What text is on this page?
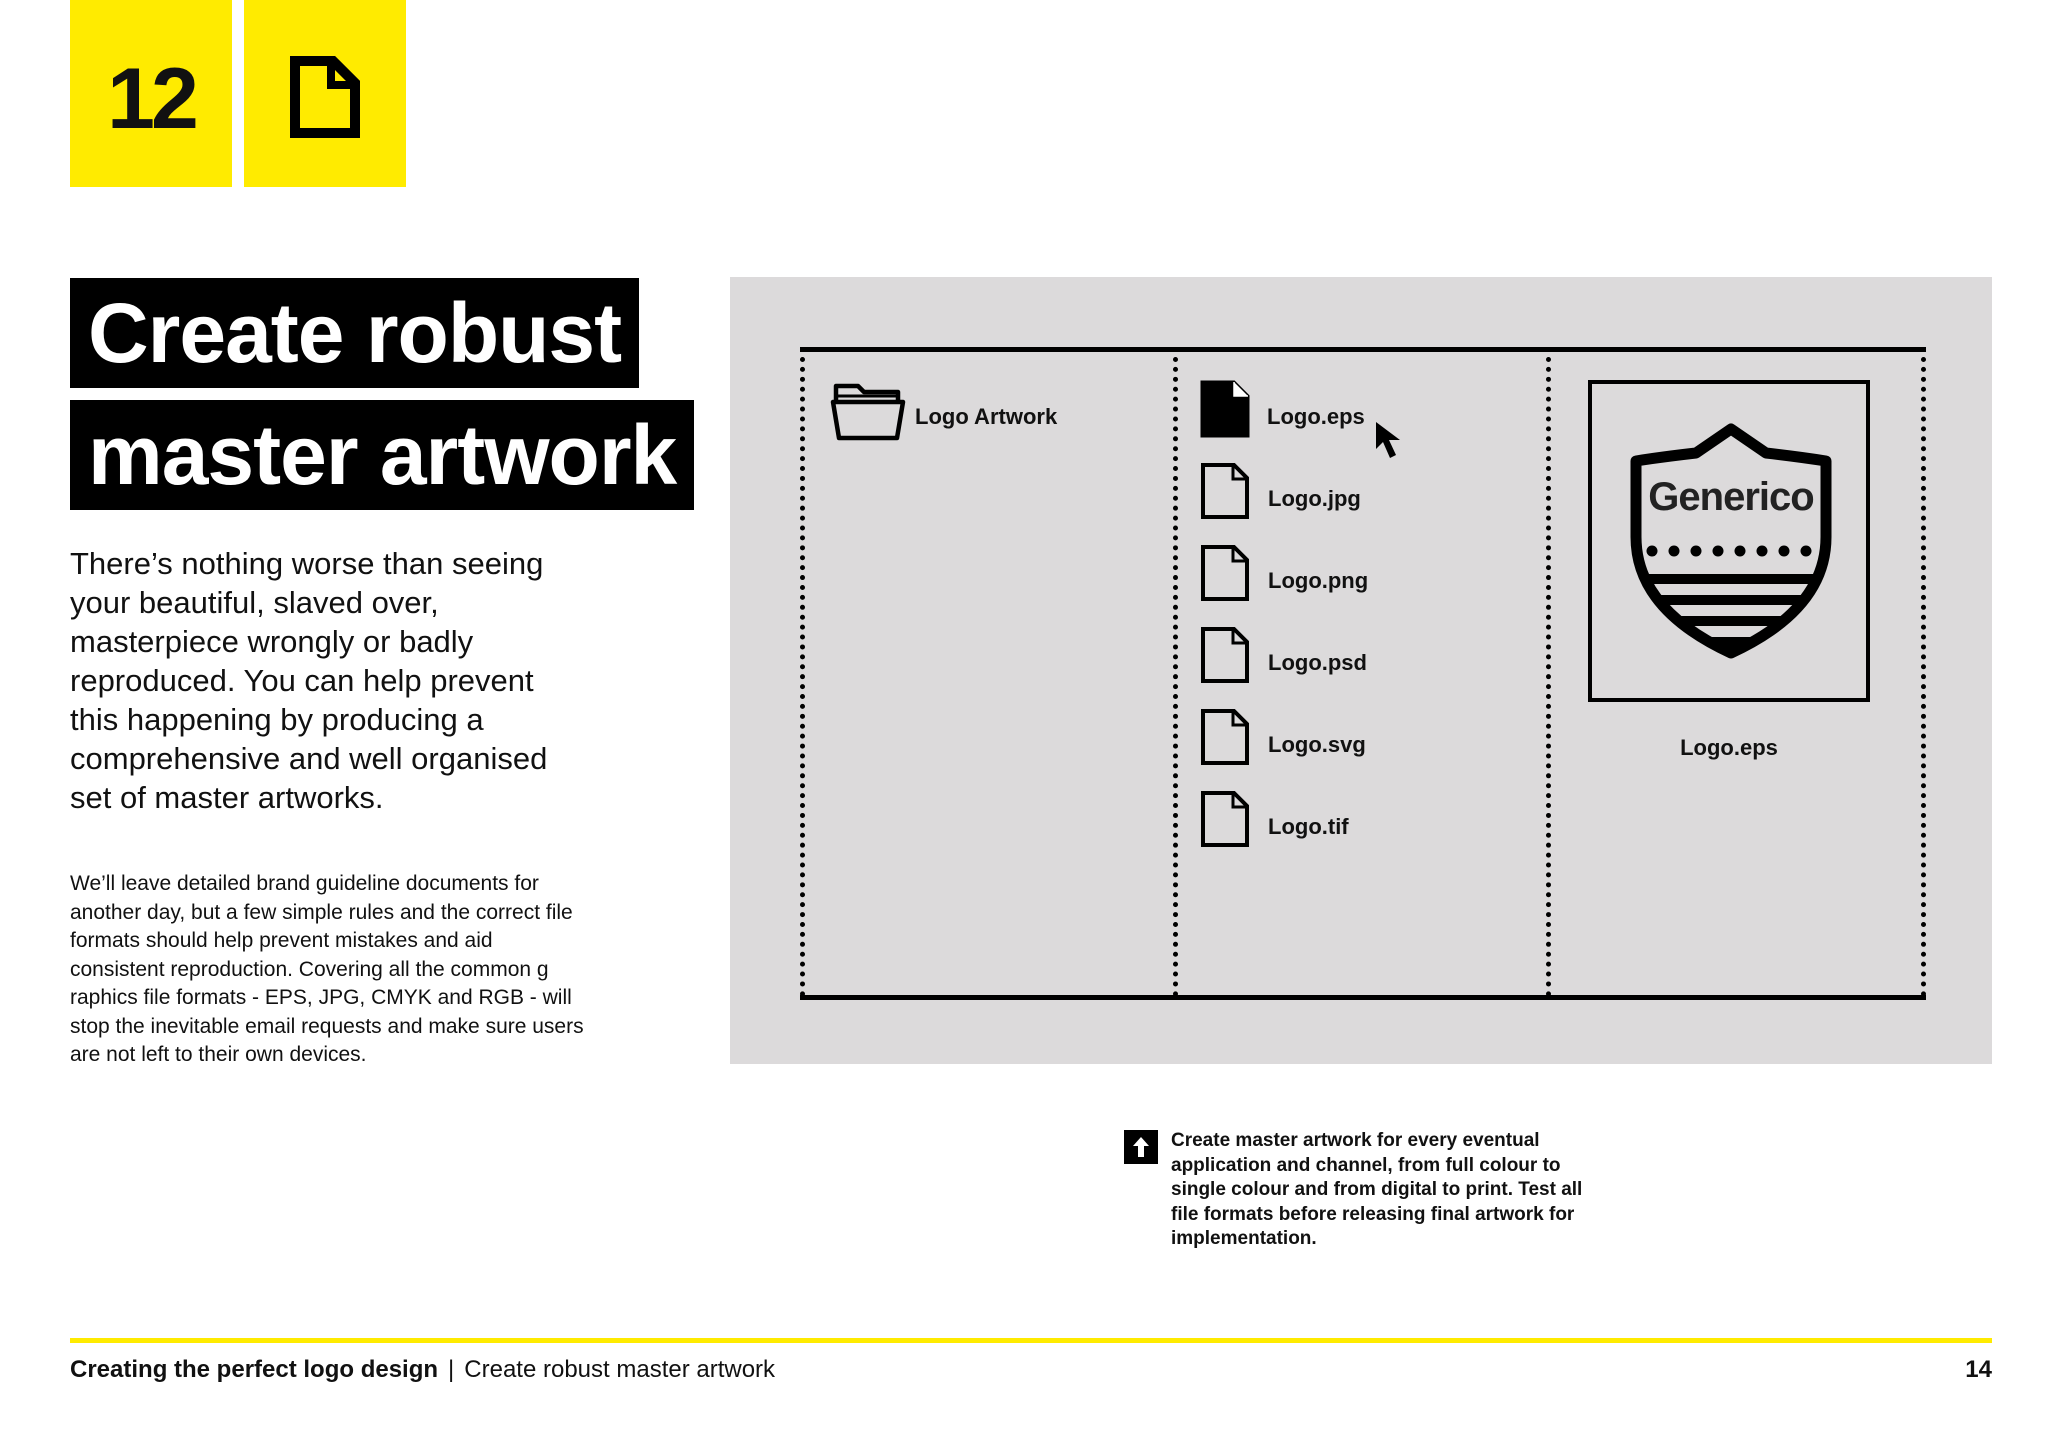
12
Create robust
master artwork

There’s nothing worse than seeing your beautiful, slaved over, masterpiece wrongly or badly reproduced. You can help prevent this happening by producing a comprehensive and well organised set of master artworks.

We’ll leave detailed brand guideline documents for another day, but a few simple rules and the correct file formats should help prevent mistakes and aid consistent reproduction. Covering all the common g raphics file formats - EPS, JPG, CMYK and RGB - will stop the inevitable email requests and make sure users are not left to their own devices.

Logo Artwork	Logo.eps
Logo.jpg
Logo.png
Logo.psd
Logo.svg
Logo.tif
Generico
Logo.eps

Create master artwork for every eventual application and channel, from full colour to single colour and from digital to print. Test all file formats before releasing final artwork for implementation.

Creating the perfect logo design | Create robust master artwork	14
